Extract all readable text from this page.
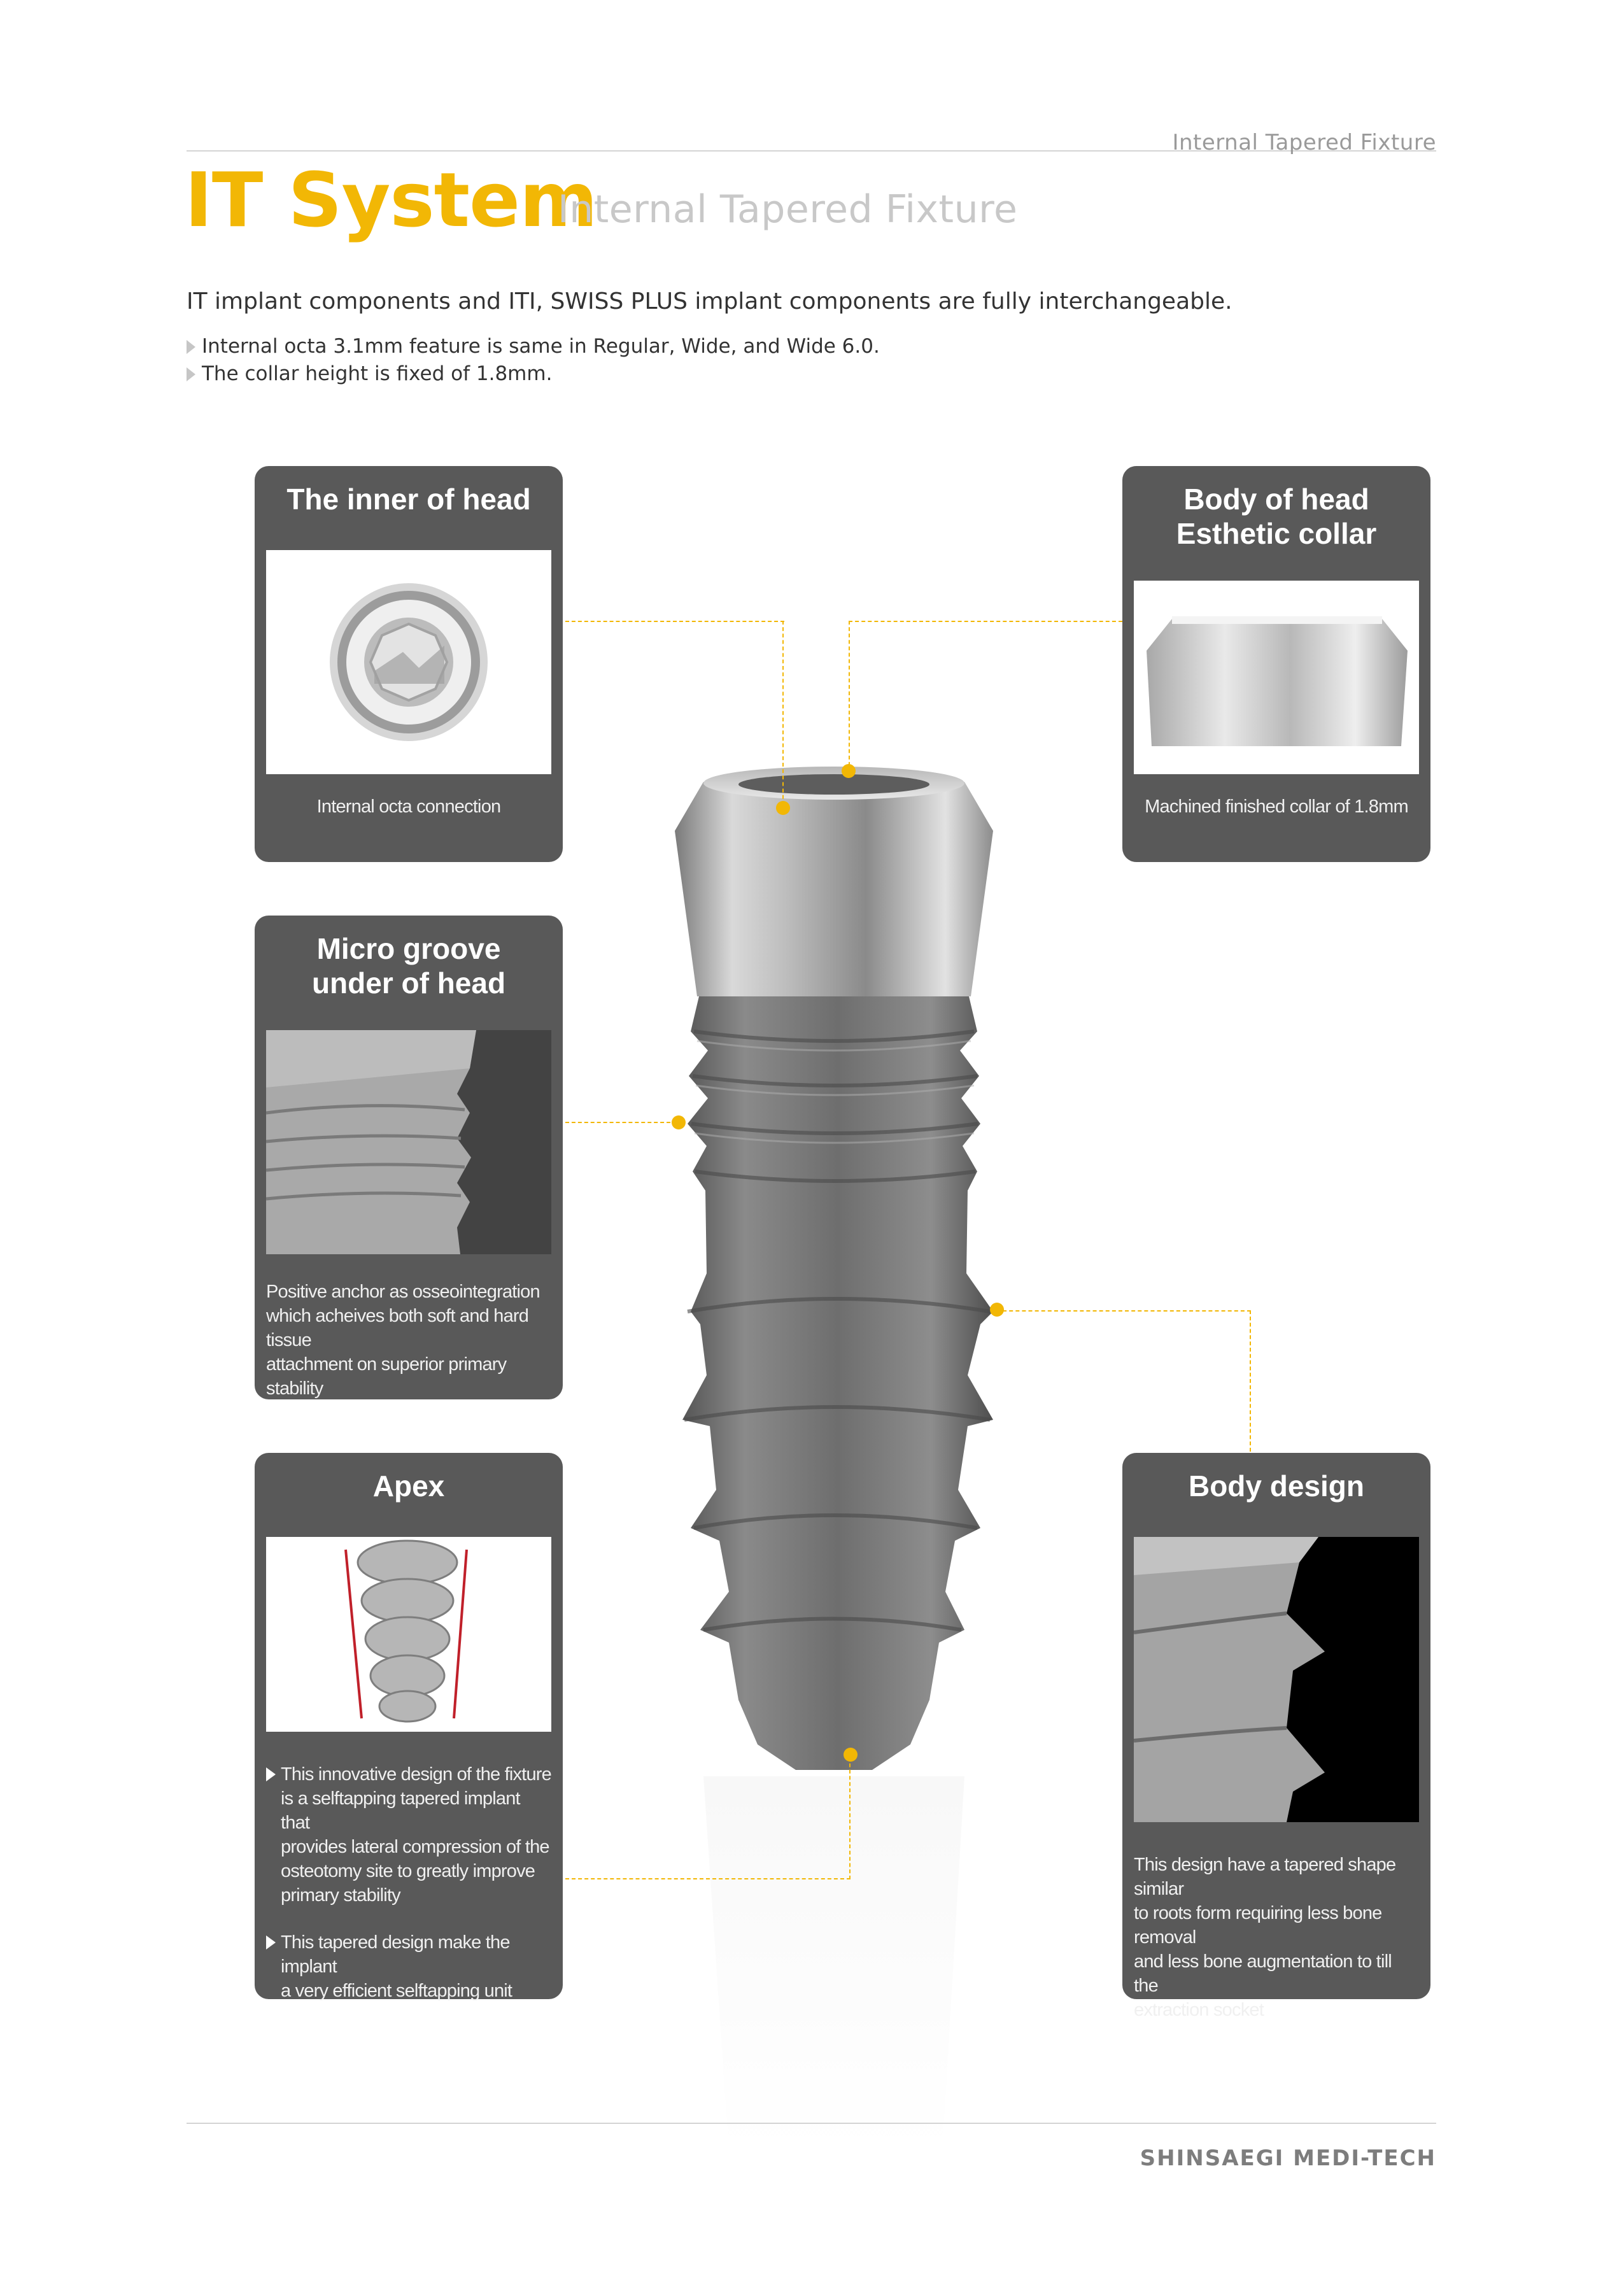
Internal Tapered Fixture
IT System
Internal Tapered Fixture
IT implant components and ITI, SWISS PLUS implant components are fully interchangeable.
Internal octa 3.1mm feature is same in Regular, Wide, and Wide 6.0.
The collar height is fixed of 1.8mm.
The inner of head
Internal octa connection
Body of head
Esthetic collar
Machined finished collar of 1.8mm
Micro groove
under of head
Positive anchor as osseointegration
which acheives both soft and hard tissue
attachment on superior primary stability
Apex
This innovative design of the fixture
is a selftapping tapered implant that
provides lateral compression of the
osteotomy site to greatly improve
primary stability
This tapered design make the implant
a very efficient selftapping unit
Body design
This design have a tapered shape similar
to roots form requiring less bone removal
and less bone augmentation to till the
extraction socket
SHINSAEGI MEDI-TECH
